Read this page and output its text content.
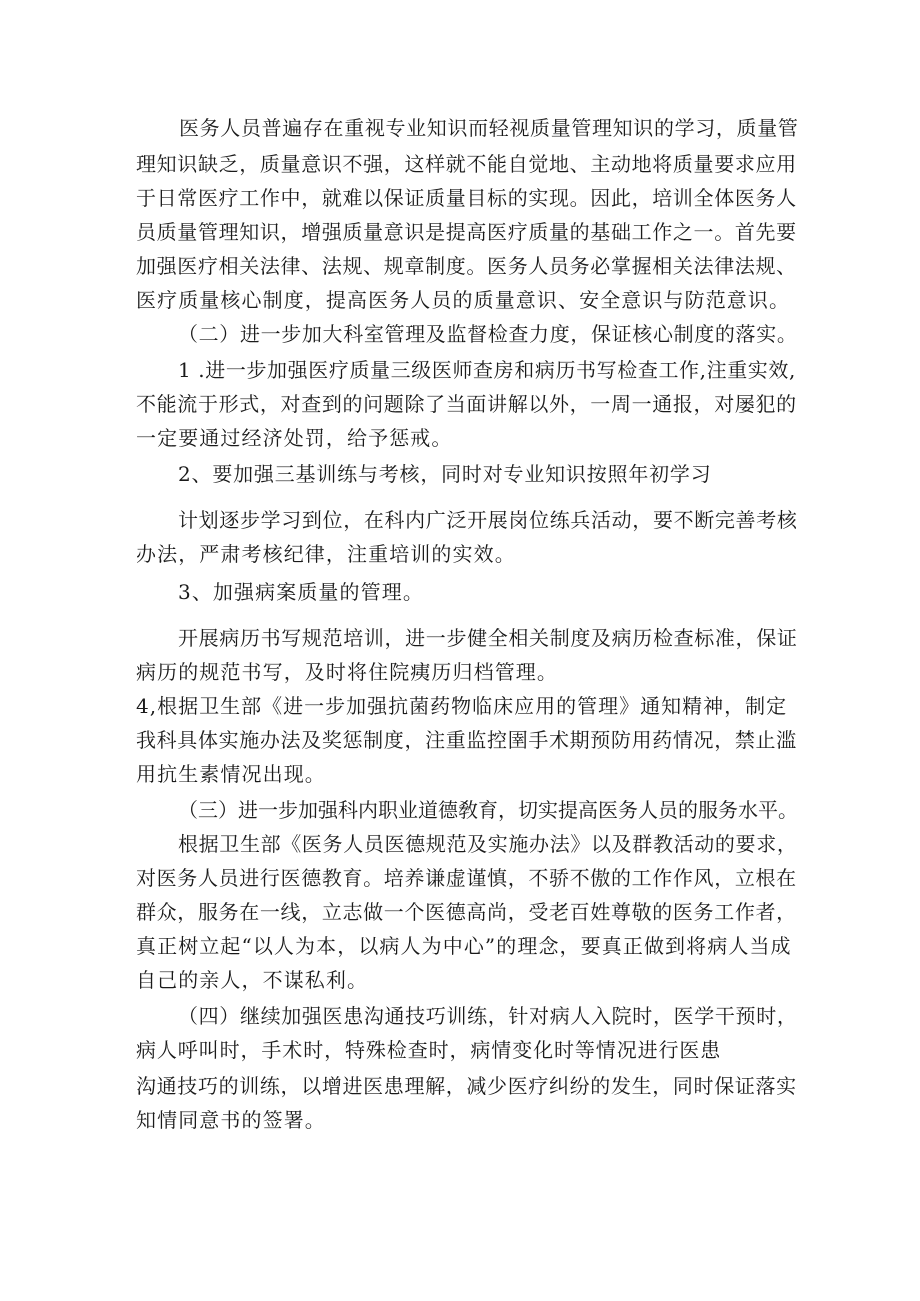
医务人员普遍存在重视专业知识而轻视质量管理知识的学习，质量管

理知识缺乏，质量意识不强，这样就不能自觉地、主动地将质量要求应用

于日常医疗工作中，就难以保证质量目标的实现。因此，培训全体医务人

员质量管理知识，增强质量意识是提高医疗质量的基础工作之一。首先要

加强医疗相关法律、法规、规章制度。医务人员务必掌握相关法律法规、

医疗质量核心制度，提高医务人员的质量意识、安全意识与防范意识。

（二）进一步加大科室管理及监督检查力度，保证核心制度的落实。

1 .进一步加强医疗质量三级医师查房和病历书写检查工作,注重实效,

不能流于形式，对查到的问题除了当面讲解以外，一周一通报，对屡犯的

一定要通过经济处罚，给予惩戒。

2、要加强三基训练与考核，同时对专业知识按照年初学习

计划逐步学习到位，在科内广泛开展岗位练兵活动，要不断完善考核

办法，严肃考核纪律，注重培训的实效。

3、加强病案质量的管理。

开展病历书写规范培训，进一步健全相关制度及病历检查标准，保证

病历的规范书写，及时将住院痍历归档管理。

4,根据卫生部《进一步加强抗菌药物临床应用的管理》通知精神，制定

我科具体实施办法及奖惩制度，注重监控圉手术期预防用药情况，禁止滥

用抗生素情况出现。

（三）进一步加强科内职业道德敎育，切实提高医务人员的服务水平。

根据卫生部《医务人员医德规范及实施办法》以及群教活动的要求，

对医务人员进行医德教育。培养谦虚谨慎，不骄不傲的工作作风，立根在

群众，服务在一线，立志做一个医德高尚，受老百姓尊敬的医务工作者，

真正树立起“以人为本，以病人为中心”的理念，要真正做到将病人当成

自己的亲人，不谋私利。

（四）继续加强医患沟通技巧训练，针对病人入院时，医学干预时，

病人呼叫时，手术时，特殊检查时，病情变化时等情况进行医患

沟通技巧的训练，以增进医患理解，减少医疗纠纷的发生，同时保证落实

知情同意书的签署。
